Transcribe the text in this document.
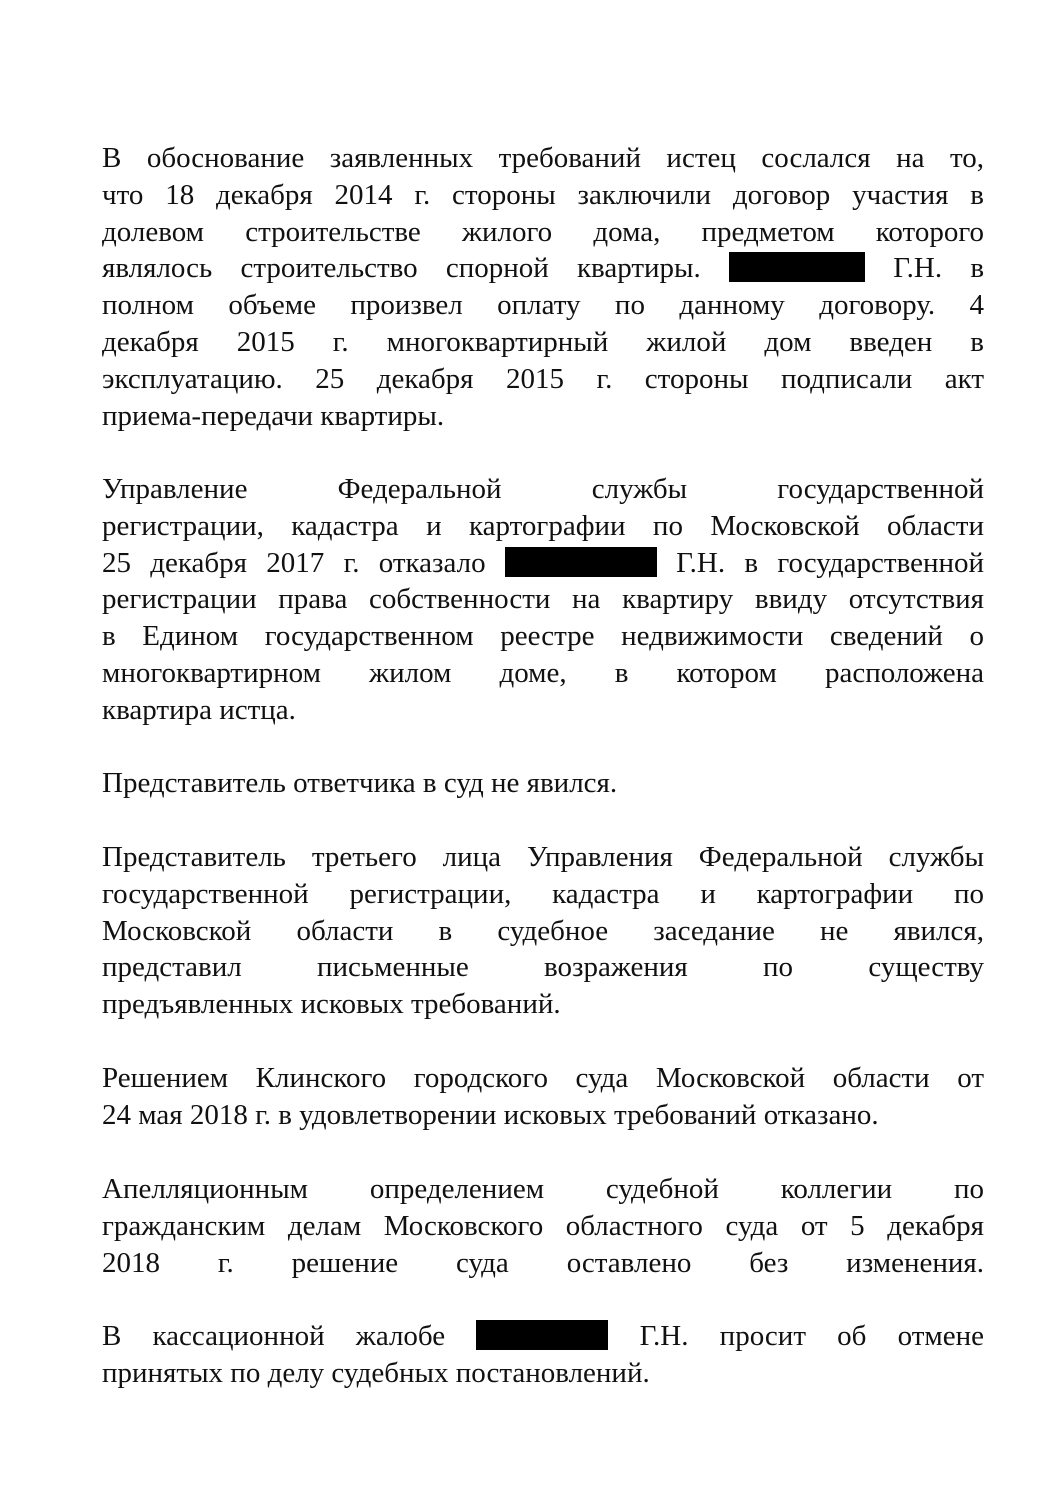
В обоснование заявленных требований истец сослался на то,
что 18 декабря 2014 г. стороны заключили договор участия в
долевом строительстве жилого дома, предметом которого
являлось строительство спорной квартиры.	Г.Н. в
полном объеме произвел оплату по данному договору. 4
декабря 2015 г. многоквартирный жилой дом введен в
эксплуатацию. 25 декабря 2015 г. стороны подписали акт
приема-передачи квартиры.
Управление Федеральной службы государственной
регистрации, кадастра и картографии по Московской области
25 декабря 2017 г. отказало	Г.Н. в государственной
регистрации права собственности на квартиру ввиду отсутствия
в Едином государственном реестре недвижимости сведений о
многоквартирном жилом доме, в котором расположена
квартира истца.
Представитель ответчика в суд не явился.
Представитель третьего лица Управления Федеральной службы
государственной регистрации, кадастра и картографии по
Московской области в судебное заседание не явился,
представил письменные возражения по существу
предъявленных исковых требований.
Решением Клинского городского суда Московской области от
24 мая 2018 г. в удовлетворении исковых требований отказано.
Апелляционным определением судебной коллегии по
гражданским делам Московского областного суда от 5 декабря
2018 г. решение суда оставлено без изменения.
В кассационной жалобе	Г.Н. просит об отмене
принятых по делу судебных постановлений.
